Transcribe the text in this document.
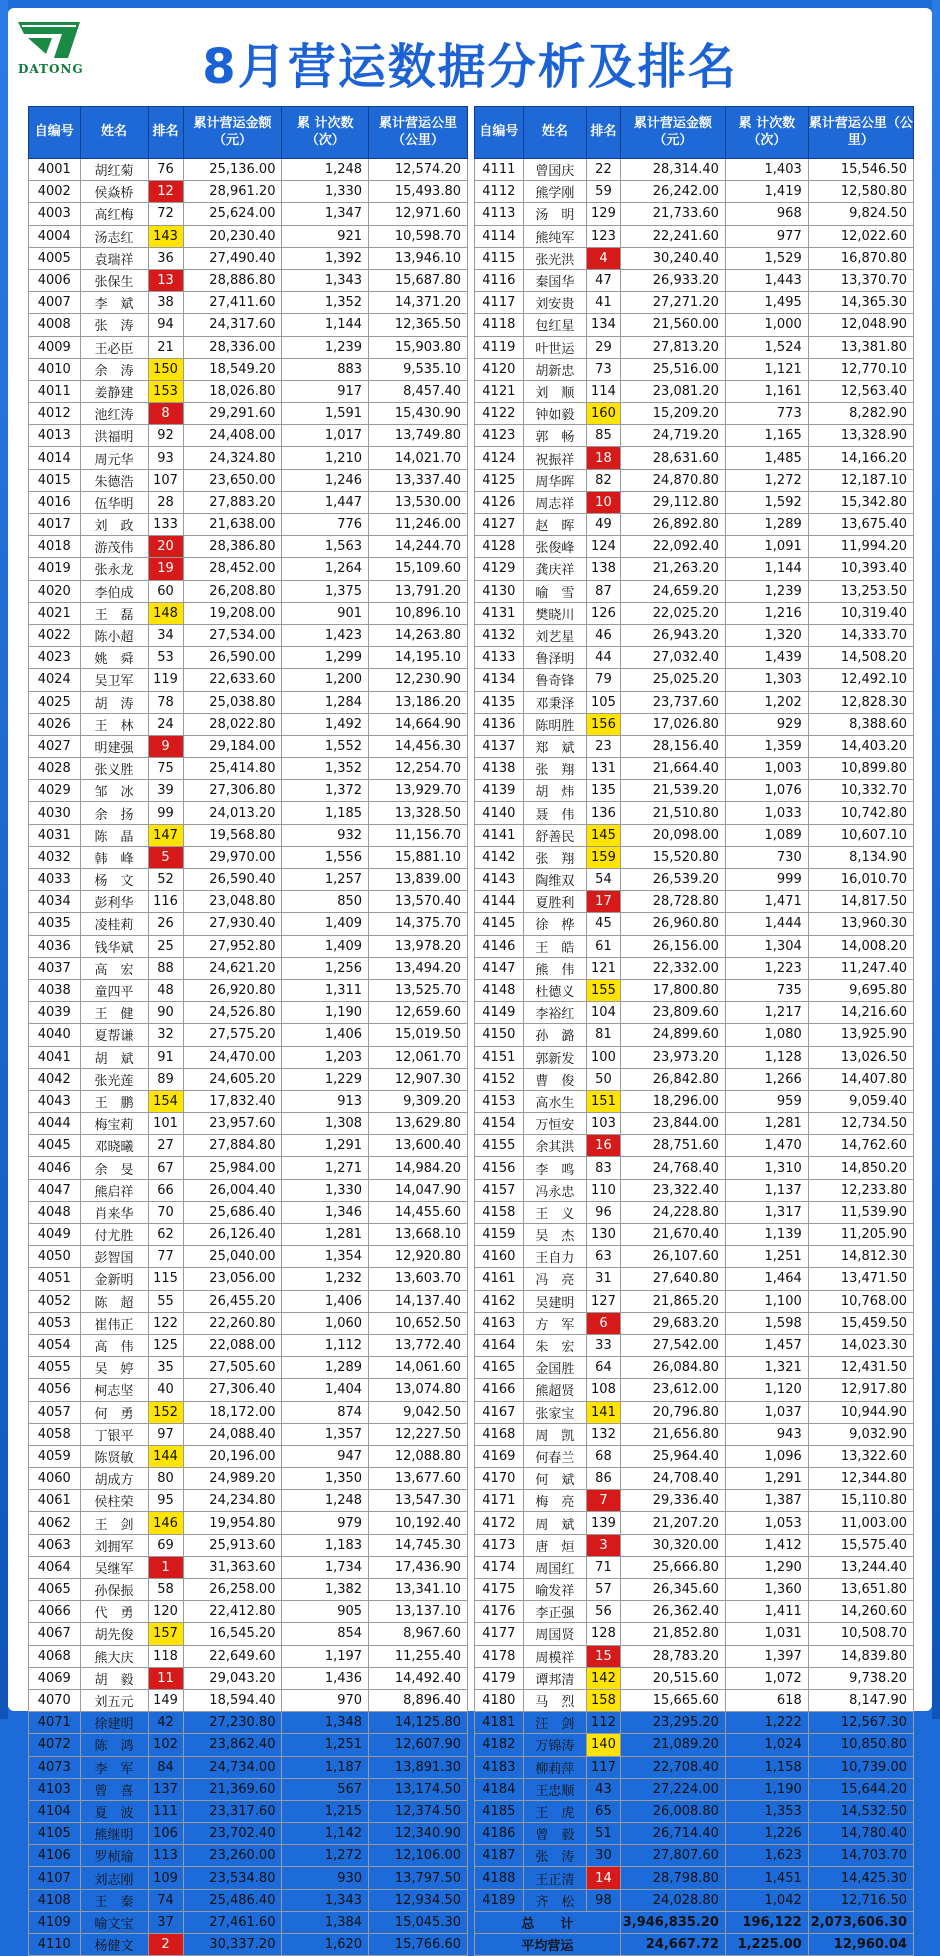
DATONG	8月营运数据分析及排名
自编号	姓名	排名	累计营运金额（元）	累 计次数（次）	累计营运公里（公里）
4001	胡红菊	76	25,136.00	1,248	12,574.20
4002	侯焱桥	12	28,961.20	1,330	15,493.80
4003	高红梅	72	25,624.00	1,347	12,971.60
4004	汤志红	143	20,230.40	921	10,598.70
4005	袁瑞祥	36	27,490.40	1,392	13,946.10
4006	张保生	13	28,886.80	1,343	15,687.80
4007	李　斌	38	27,411.60	1,352	14,371.20
4008	张　涛	94	24,317.60	1,144	12,365.50
4009	王必臣	21	28,336.00	1,239	15,903.80
4010	余　涛	150	18,549.20	883	9,535.10
4011	姜静建	153	18,026.80	917	8,457.40
4012	池红涛	8	29,291.60	1,591	15,430.90
4013	洪福明	92	24,408.00	1,017	13,749.80
4014	周元华	93	24,324.80	1,210	14,021.70
4015	朱德浩	107	23,650.00	1,246	13,337.40
4016	伍华明	28	27,883.20	1,447	13,530.00
4017	刘　政	133	21,638.00	776	11,246.00
4018	游茂伟	20	28,386.80	1,563	14,244.70
4019	张永龙	19	28,452.00	1,264	15,109.60
4020	李伯成	60	26,208.80	1,375	13,791.20
4021	王　磊	148	19,208.00	901	10,896.10
4022	陈小超	34	27,534.00	1,423	14,263.80
4023	姚　舜	53	26,590.00	1,299	14,195.10
4024	吴卫军	119	22,633.60	1,200	12,230.90
4025	胡　涛	78	25,038.80	1,284	13,186.20
4026	王　林	24	28,022.80	1,492	14,664.90
4027	明建强	9	29,184.00	1,552	14,456.30
4028	张义胜	75	25,414.80	1,352	12,254.70
4029	邹　冰	39	27,306.80	1,372	13,929.70
4030	余　扬	99	24,013.20	1,185	13,328.50
4031	陈　晶	147	19,568.80	932	11,156.70
4032	韩　峰	5	29,970.00	1,556	15,881.10
4033	杨　文	52	26,590.40	1,257	13,839.00
4034	彭利华	116	23,048.80	850	13,570.40
4035	凌桂莉	26	27,930.40	1,409	14,375.70
4036	钱华斌	25	27,952.80	1,409	13,978.20
4037	高　宏	88	24,621.20	1,256	13,494.20
4038	童四平	48	26,920.80	1,311	13,525.70
4039	王　健	90	24,526.80	1,190	12,659.60
4040	夏帮谦	32	27,575.20	1,406	15,019.50
4041	胡　斌	91	24,470.00	1,203	12,061.70
4042	张光莲	89	24,605.20	1,229	12,907.30
4043	王　鹏	154	17,832.40	913	9,309.20
4044	梅宝莉	101	23,957.60	1,308	13,629.80
4045	邓晓曦	27	27,884.80	1,291	13,600.40
4046	余　旻	67	25,984.00	1,271	14,984.20
4047	熊启祥	66	26,004.40	1,330	14,047.90
4048	肖来华	70	25,686.40	1,346	14,455.60
4049	付尤胜	62	26,126.40	1,281	13,668.10
4050	彭智国	77	25,040.00	1,354	12,920.80
4051	金新明	115	23,056.00	1,232	13,603.70
4052	陈　超	55	26,455.20	1,406	14,137.40
4053	崔伟正	122	22,260.80	1,060	10,652.50
4054	高　伟	125	22,088.00	1,112	13,772.40
4055	吴　婷	35	27,505.60	1,289	14,061.60
4056	柯志坚	40	27,306.40	1,404	13,074.80
4057	何　勇	152	18,172.00	874	9,042.50
4058	丁银平	97	24,088.40	1,357	12,227.50
4059	陈贤敏	144	20,196.00	947	12,088.80
4060	胡成方	80	24,989.20	1,350	13,677.60
4061	侯柱荣	95	24,234.80	1,248	13,547.30
4062	王　剑	146	19,954.80	979	10,192.40
4063	刘拥军	69	25,913.60	1,183	14,745.30
4064	吴继军	1	31,363.60	1,734	17,436.90
4065	孙保振	58	26,258.00	1,382	13,341.10
4066	代　勇	120	22,412.80	905	13,137.10
4067	胡先俊	157	16,545.20	854	8,967.60
4068	熊大庆	118	22,649.60	1,197	11,255.40
4069	胡　毅	11	29,043.20	1,436	14,492.40
4070	刘五元	149	18,594.40	970	8,896.40
4071	徐建明	42	27,230.80	1,348	14,125.80
4072	陈　鸿	102	23,862.40	1,251	12,607.90
4073	李　军	84	24,734.00	1,187	13,891.30
4103	曾　喜	137	21,369.60	567	13,174.50
4104	夏　波	111	23,317.60	1,215	12,374.50
4105	熊继明	106	23,702.40	1,142	12,340.90
4106	罗桢瑜	113	23,260.00	1,272	12,106.00
4107	刘志刚	109	23,534.80	930	13,797.50
4108	王　秦	74	25,486.40	1,343	12,934.50
4109	喻文宝	37	27,461.60	1,384	15,045.30
4110	杨健文	2	30,337.20	1,620	15,766.60
自编号	姓名	排名	累计营运金额（元）	累 计次数（次）	累计营运公里（公里）
4111	曾国庆	22	28,314.40	1,403	15,546.50
4112	熊学刚	59	26,242.00	1,419	12,580.80
4113	汤　明	129	21,733.60	968	9,824.50
4114	熊纯军	123	22,241.60	977	12,022.60
4115	张光洪	4	30,240.40	1,529	16,870.80
4116	秦国华	47	26,933.20	1,443	13,370.70
4117	刘安贵	41	27,271.20	1,495	14,365.30
4118	包红星	134	21,560.00	1,000	12,048.90
4119	叶世运	29	27,813.20	1,524	13,381.80
4120	胡新忠	73	25,516.00	1,121	12,770.10
4121	刘　顺	114	23,081.20	1,161	12,563.40
4122	钟如毅	160	15,209.20	773	8,282.90
4123	郭　畅	85	24,719.20	1,165	13,328.90
4124	祝振祥	18	28,631.60	1,485	14,166.20
4125	周华晖	82	24,870.80	1,272	12,187.10
4126	周志祥	10	29,112.80	1,592	15,342.80
4127	赵　晖	49	26,892.80	1,289	13,675.40
4128	张俊峰	124	22,092.40	1,091	11,994.20
4129	龚庆祥	138	21,263.20	1,144	10,393.40
4130	喻　雪	87	24,659.20	1,239	13,253.50
4131	樊晓川	126	22,025.20	1,216	10,319.40
4132	刘艺星	46	26,943.20	1,320	14,333.70
4133	鲁泽明	44	27,032.40	1,439	14,508.20
4134	鲁奇锋	79	25,025.20	1,303	12,492.10
4135	邓秉泽	105	23,737.60	1,202	12,828.30
4136	陈明胜	156	17,026.80	929	8,388.60
4137	郑　斌	23	28,156.40	1,359	14,403.20
4138	张　翔	131	21,664.40	1,003	10,899.80
4139	胡　炜	135	21,539.20	1,076	10,332.70
4140	聂　伟	136	21,510.80	1,033	10,742.80
4141	舒善民	145	20,098.00	1,089	10,607.10
4142	张　翔	159	15,520.80	730	8,134.90
4143	陶维双	54	26,539.20	999	16,010.70
4144	夏胜利	17	28,728.80	1,471	14,817.50
4145	徐　桦	45	26,960.80	1,444	13,960.30
4146	王　皓	61	26,156.00	1,304	14,008.20
4147	熊　伟	121	22,332.00	1,223	11,247.40
4148	杜德义	155	17,800.80	735	9,695.80
4149	李裕红	104	23,809.60	1,217	14,216.60
4150	孙　潞	81	24,899.60	1,080	13,925.90
4151	郭新发	100	23,973.20	1,128	13,026.50
4152	曹　俊	50	26,842.80	1,266	14,407.80
4153	高水生	151	18,296.00	959	9,059.40
4154	万恒安	103	23,844.00	1,281	12,734.50
4155	余其洪	16	28,751.60	1,470	14,762.60
4156	李　鸣	83	24,768.40	1,310	14,850.20
4157	冯永忠	110	23,322.40	1,137	12,233.80
4158	王　义	96	24,228.80	1,317	11,539.90
4159	吴　杰	130	21,670.40	1,139	11,205.90
4160	王自力	63	26,107.60	1,251	14,812.30
4161	冯　亮	31	27,640.80	1,464	13,471.50
4162	吴建明	127	21,865.20	1,100	10,768.00
4163	方　军	6	29,683.20	1,598	15,459.50
4164	朱　宏	33	27,542.00	1,457	14,023.30
4165	金国胜	64	26,084.80	1,321	12,431.50
4166	熊超贤	108	23,612.00	1,120	12,917.80
4167	张家宝	141	20,796.80	1,037	10,944.90
4168	周　凯	132	21,656.80	943	9,032.90
4169	何春兰	68	25,964.40	1,096	13,322.60
4170	何　斌	86	24,708.40	1,291	12,344.80
4171	梅　亮	7	29,336.40	1,387	15,110.80
4172	周　斌	139	21,207.20	1,053	11,003.00
4173	唐　烜	3	30,320.00	1,412	15,575.40
4174	周国红	71	25,666.80	1,290	13,244.40
4175	喻发祥	57	26,345.60	1,360	13,651.80
4176	李正强	56	26,362.40	1,411	14,260.60
4177	周国贤	128	21,852.80	1,031	10,508.70
4178	周模祥	15	28,783.20	1,397	14,839.80
4179	谭邦清	142	20,515.60	1,072	9,738.20
4180	马　烈	158	15,665.60	618	8,147.90
4181	汪　剑	112	23,295.20	1,222	12,567.30
4182	万锦涛	140	21,089.20	1,024	10,850.80
4183	柳莉萍	117	22,708.40	1,158	10,739.00
4184	王忠顺	43	27,224.00	1,190	15,644.20
4185	王　虎	65	26,008.80	1,353	14,532.50
4186	曾　毅	51	26,714.40	1,226	14,780.40
4187	张　涛	30	27,807.60	1,623	14,703.70
4188	王正清	14	28,798.80	1,451	14,425.30
4189	齐　松	98	24,028.80	1,042	12,716.50
总　　计			3,946,835.20	196,122	2,073,606.30
平均营运			24,667.72	1,225.00	12,960.04
